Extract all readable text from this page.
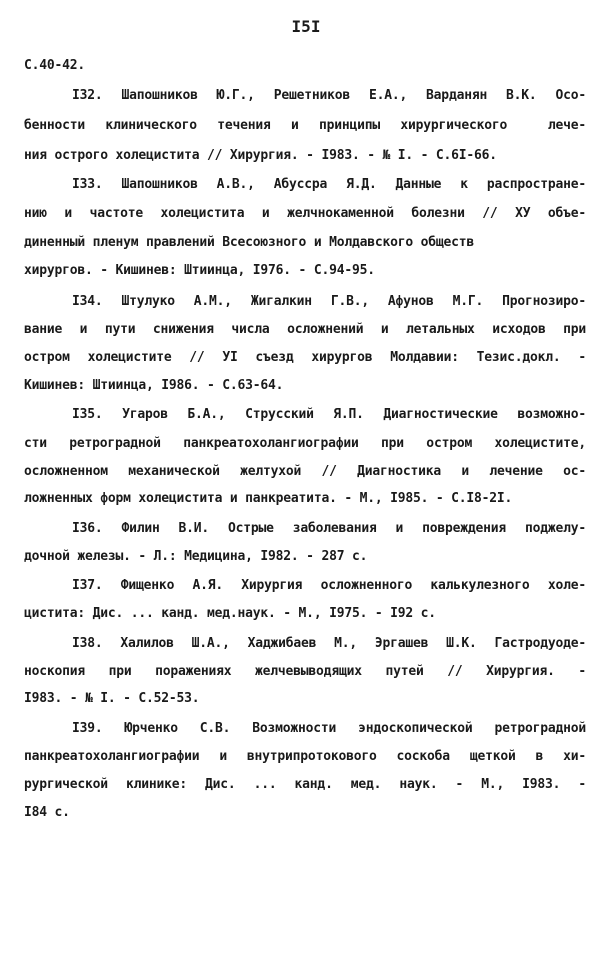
I5I
С.40-42.
I32. Шапошников Ю.Г., Решетников Е.А., Варданян В.К. Осо-
бенности клинического течения и принципы хирургического  лече-
ния острого холецистита // Хирургия. - I983. - № I. - С.6I-66.
I33. Шапошников А.В., Абуссра Я.Д. Данные к распростране-
нию и частоте холецистита и желчнокаменной болезни // ХУ объе-
диненный пленум правлений Всесоюзного и Молдавского обществ
хирургов. - Кишинев: Штиинца, I976. - С.94-95.
I34. Штулуко А.М., Жигалкин Г.В., Афунов М.Г. Прогнозиро-
вание и пути снижения числа осложнений и летальных исходов при
остром холецистите // УI съезд хирургов Молдавии: Тезис.докл. -
Кишинев: Штиинца, I986. - С.63-64.
I35. Угаров Б.А., Струсский Я.П. Диагностические возможно-
сти ретроградной панкреатохолангиографии при остром холецистите,
осложненном механической желтухой // Диагностика и лечение ос-
ложненных форм холецистита и панкреатита. - М., I985. - С.I8-2I.
I36. Филин В.И. Острые заболевания и повреждения поджелу-
дочной железы. - Л.: Медицина, I982. - 287 с.
I37. Фищенко А.Я. Хирургия осложненного калькулезного холе-
цистита: Дис. ... канд. мед.наук. - М., I975. - I92 с.
I38. Халилов Ш.А., Хаджибаев М., Эргашев Ш.К. Гастродуоде-
носкопия при поражениях желчевыводящих путей // Хирургия. -
I983. - № I. - С.52-53.
I39. Юрченко С.В. Возможности эндоскопической ретроградной
панкреатохолангиографии и внутрипротокового соскоба щеткой в хи-
рургической клинике: Дис. ... канд. мед. наук. - М., I983. -
I84 с.
